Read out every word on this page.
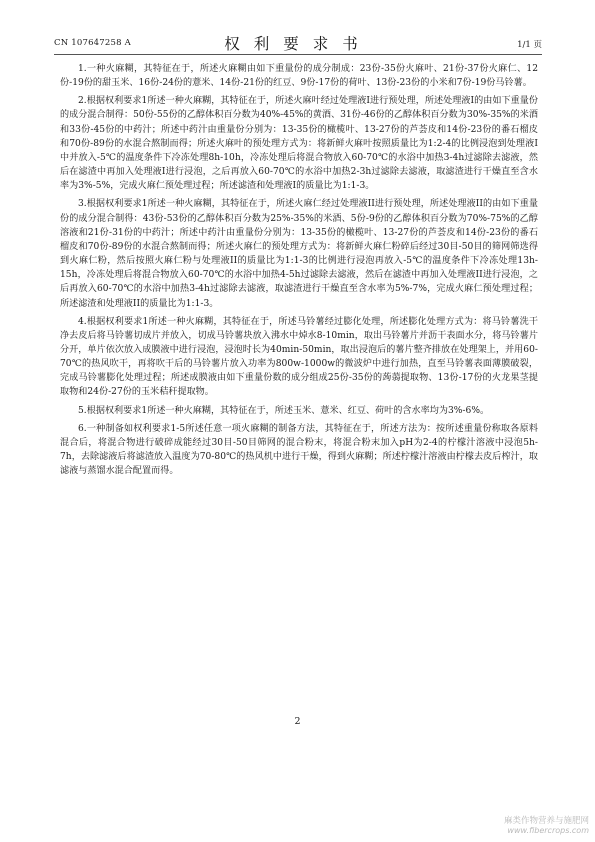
CN 107647258 A	权利要求书	1/1 页

1.一种火麻糊，其特征在于，所述火麻糊由如下重量份的成分制成：23份-35份火麻叶、21份-37份火麻仁、12份-19份的甜玉米、16份-24份的薏米、14份-21份的红豆、9份-17份的荷叶、13份-23份的小米和7份-19份马铃薯。

2.根据权利要求1所述一种火麻糊，其特征在于，所述火麻叶经过处理液I进行预处理，所述处理液I的由如下重量份的成分混合制得：50份-55份的乙醇体积百分数为40%-45%的黄酒、31份-46份的乙醇体积百分数为30%-35%的米酒和33份-45份的中药汁；所述中药汁由重量份分别为：13-35份的橄榄叶、13-27份的芦荟皮和14份-23份的番石榴皮和70份-89份的水混合熬制而得；所述火麻叶的预处理方式为：将新鲜火麻叶按照质量比为1:2-4的比例浸泡到处理液I中并放入-5℃的温度条件下冷冻处理8h-10h，冷冻处理后将混合物放入60-70℃的水浴中加热3-4h过滤除去滤液，然后在滤渣中再加入处理液I进行浸泡，之后再放入60-70℃的水浴中加热2-3h过滤除去滤液，取滤渣进行干燥直至含水率为3%-5%，完成火麻仁预处理过程；所述滤渣和处理液I的质量比为1:1-3。

3.根据权利要求1所述一种火麻糊，其特征在于，所述火麻仁经过处理液II进行预处理，所述处理液II的由如下重量份的成分混合制得：43份-53份的乙醇体积百分数为25%-35%的米酒、5份-9份的乙醇体积百分数为70%-75%的乙醇溶液和21份-31份的中药汁；所述中药汁由重量份分别为：13-35份的橄榄叶、13-27份的芦荟皮和14份-23份的番石榴皮和70份-89份的水混合熬制而得；所述火麻仁的预处理方式为：将新鲜火麻仁粉碎后经过30目-50目的筛网筛选得到火麻仁粉，然后按照火麻仁粉与处理液II的质量比为1:1-3的比例进行浸泡再放入-5℃的温度条件下冷冻处理13h-15h，冷冻处理后将混合物放入60-70℃的水浴中加热4-5h过滤除去滤液，然后在滤渣中再加入处理液II进行浸泡，之后再放入60-70℃的水浴中加热3-4h过滤除去滤液，取滤渣进行干燥直至含水率为5%-7%，完成火麻仁预处理过程；所述滤渣和处理液II的质量比为1:1-3。

4.根据权利要求1所述一种火麻糊，其特征在于，所述马铃薯经过膨化处理，所述膨化处理方式为：将马铃薯洗干净去皮后将马铃薯切成片并放入，切成马铃薯块放入沸水中焯水8-10min，取出马铃薯片并沥干表面水分，将马铃薯片分开，单片依次放入成膜液中进行浸泡，浸泡时长为40min-50min，取出浸泡后的薯片整齐排放在处理架上，并用60-70℃的热风吹干，再将吹干后的马铃薯片放入功率为800w-1000w的微波炉中进行加热，直至马铃薯表面薄膜破裂，完成马铃薯膨化处理过程；所述成膜液由如下重量份数的成分组成25份-35份的蒟蒻提取物、13份-17份的火龙果茎提取物和24份-27份的玉米秸秆提取物。

5.根据权利要求1所述一种火麻糊，其特征在于，所述玉米、薏米、红豆、荷叶的含水率均为3%-6%。

6.一种制备如权利要求1-5所述任意一项火麻糊的制备方法，其特征在于，所述方法为：按所述重量份称取各原料混合后，将混合物进行破碎成能经过30目-50目筛网的混合粉末，将混合粉末加入pH为2-4的柠檬汁溶液中浸泡5h-7h，去除滤液后将滤渣放入温度为70-80℃的热风机中进行干燥，得到火麻糊；所述柠檬汁溶液由柠檬去皮后榨汁，取滤液与蒸馏水混合配置而得。

2
麻类作物营养与施肥网
www.fibercrops.com
